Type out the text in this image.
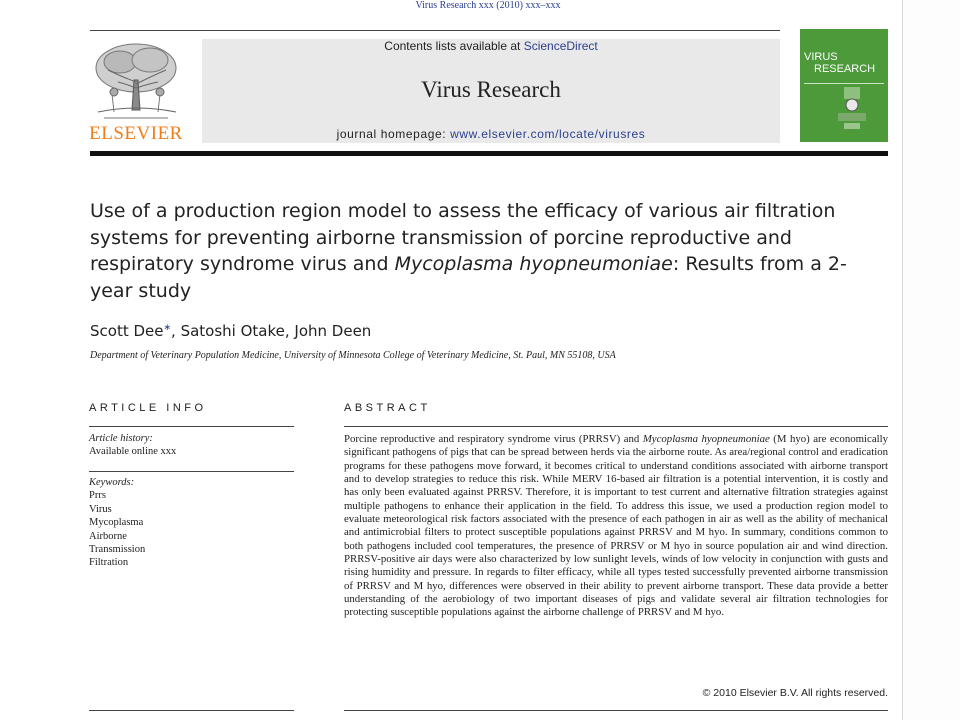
Virus Research xxx (2010) xxx–xxx
ELSEVIER
Contents lists available at ScienceDirect
Virus Research
journal homepage: www.elsevier.com/locate/virusres
VIRUS
RESEARCH
Use of a production region model to assess the efficacy of various air filtration systems for preventing airborne transmission of porcine reproductive and respiratory syndrome virus and Mycoplasma hyopneumoniae: Results from a 2-year study
Scott Dee∗, Satoshi Otake, John Deen
Department of Veterinary Population Medicine, University of Minnesota College of Veterinary Medicine, St. Paul, MN 55108, USA
ARTICLE INFO
Article history:
Available online xxx
Keywords:
Prrs
Virus
Mycoplasma
Airborne
Transmission
Filtration
ABSTRACT
Porcine reproductive and respiratory syndrome virus (PRRSV) and Mycoplasma hyopneumoniae (M hyo) are economically significant pathogens of pigs that can be spread between herds via the airborne route. As area/regional control and eradication programs for these pathogens move forward, it becomes critical to understand conditions associated with airborne transport and to develop strategies to reduce this risk. While MERV 16-based air filtration is a potential intervention, it is costly and has only been evaluated against PRRSV. Therefore, it is important to test current and alternative filtration strategies against multiple pathogens to enhance their application in the field. To address this issue, we used a production region model to evaluate meteorological risk factors associated with the presence of each pathogen in air as well as the ability of mechanical and antimicrobial filters to protect susceptible populations against PRRSV and M hyo. In summary, conditions common to both pathogens included cool temperatures, the presence of PRRSV or M hyo in source population air and wind direction. PRRSV-positive air days were also characterized by low sunlight levels, winds of low velocity in conjunction with gusts and rising humidity and pressure. In regards to filter efficacy, while all types tested successfully prevented airborne transmission of PRRSV and M hyo, differences were observed in their ability to prevent airborne transport. These data provide a better understanding of the aerobiology of two important diseases of pigs and validate several air filtration technologies for protecting susceptible populations against the airborne challenge of PRRSV and M hyo.
© 2010 Elsevier B.V. All rights reserved.
